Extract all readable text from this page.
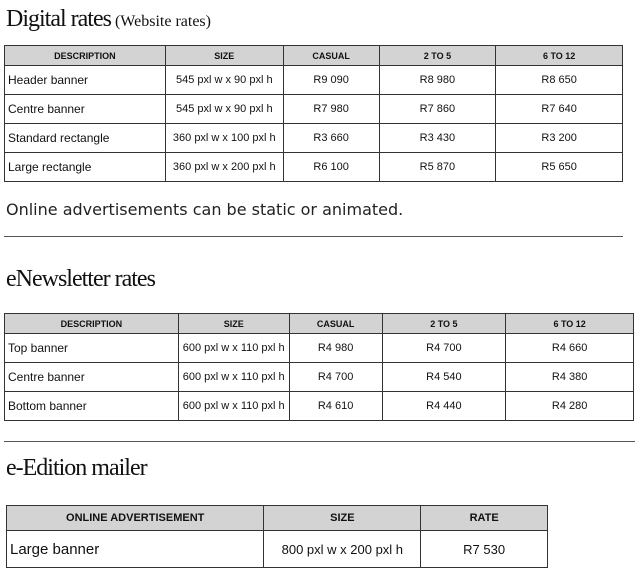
Digital rates (Website rates)
DESCRIPTION	SIZE	CASUAL	2 TO 5	6 TO 12
Header banner	545 pxl w x 90 pxl h	R9 090	R8 980	R8 650
Centre banner	545 pxl w x 90 pxl h	R7 980	R7 860	R7 640
Standard rectangle	360 pxl w x 100 pxl h	R3 660	R3 430	R3 200
Large rectangle	360 pxl w x 200 pxl h	R6 100	R5 870	R5 650
Online advertisements can be static or animated.
eNewsletter rates
DESCRIPTION	SIZE	CASUAL	2 TO 5	6 TO 12
Top banner	600 pxl w x 110 pxl h	R4 980	R4 700	R4 660
Centre banner	600 pxl w x 110 pxl h	R4 700	R4 540	R4 380
Bottom banner	600 pxl w x 110 pxl h	R4 610	R4 440	R4 280
e-Edition mailer
ONLINE ADVERTISEMENT	SIZE	RATE
Large banner	800 pxl w x 200 pxl h	R7 530
